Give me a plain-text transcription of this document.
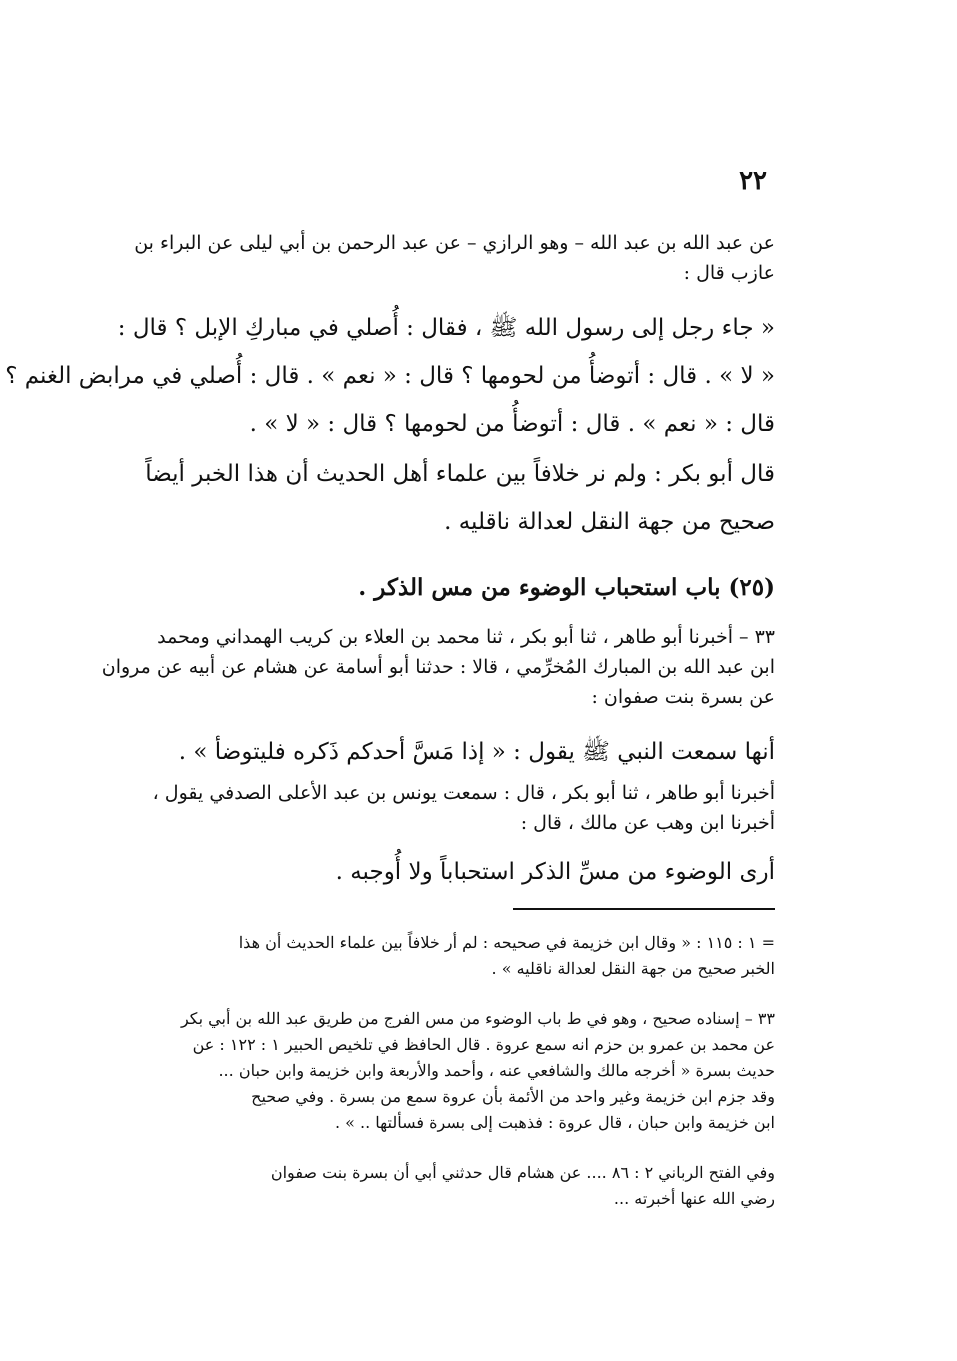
٢٢
عن عبد الله بن عبد الله – وهو الرازي – عن عبد الرحمن بن أبي ليلى عن البراء بن
عازب قال :
« جاء رجل إلى رسول الله ﷺ ، فقال : أُصلي في مباركِ الإبل ؟ قال :
« لا » . قال : أتوضأُ من لحومها ؟ قال : « نعم » . قال : أُصلي في مرابض الغنم ؟
قال : « نعم » . قال : أتوضأُ من لحومها ؟ قال : « لا » .
قال أبو بكر : ولم نر خلافاً بين علماء أهل الحديث أن هذا الخبر أيضاً
صحيح من جهة النقل لعدالة ناقليه .
(٢٥) باب استحباب الوضوء من مس الذكر .
٣٣ – أخبرنا أبو طاهر ، ثنا أبو بكر ، ثنا محمد بن العلاء بن كريب الهمداني ومحمد
ابن عبد الله بن المبارك المُخرِّمي ، قالا : حدثنا أبو أسامة عن هشام عن أبيه عن مروان
عن بسرة بنت صفوان :
أنها سمعت النبي ﷺ يقول : « إذا مَسَّ أحدكم ذَكره فليتوضأ » .
أخبرنا أبو طاهر ، ثنا أبو بكر ، قال : سمعت يونس بن عبد الأعلى الصدفي يقول ،
أخبرنا ابن وهب عن مالك ، قال :
أرى الوضوء من مسِّ الذكر استحباباً ولا أُوجبه .
= ١ : ١١٥ : « وقال ابن خزيمة في صحيحه : لم أر خلافاً بين علماء الحديث أن هذا
الخبر صحيح من جهة النقل لعدالة ناقليه » .
٣٣ – إسناده صحيح ، وهو في ط باب الوضوء من مس الفرج من طريق عبد الله بن أبي بكر
عن محمد بن عمرو بن حزم انه سمع عروة . قال الحافظ في تلخيص الحبير ١ : ١٢٢ : عن
حديث بسرة « أخرجه مالك والشافعي عنه ، وأحمد والأربعة وابن خزيمة وابن حبان ...
وقد جزم ابن خزيمة وغير واحد من الأئمة بأن عروة سمع من بسرة . وفي صحيح
ابن خزيمة وابن حبان ، قال عروة : فذهبت إلى بسرة فسألتها .. » .
وفي الفتح الرباني ٢ : ٨٦ .... عن هشام قال حدثني أبي أن بسرة بنت صفوان
رضي الله عنها أخبرته ...
